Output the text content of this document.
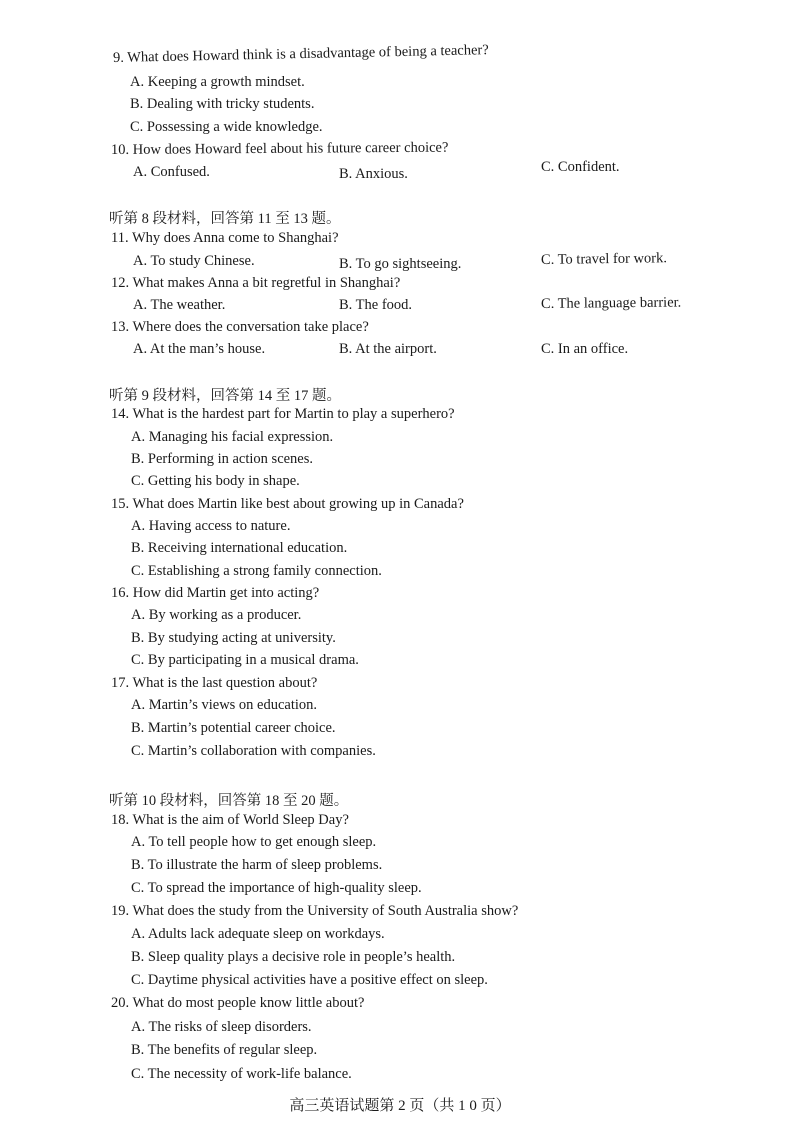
9. What does Howard think is a disadvantage of being a teacher?
A. Keeping a growth mindset.
B. Dealing with tricky students.
C. Possessing a wide knowledge.
10. How does Howard feel about his future career choice?
A. Confused.	B. Anxious.	C. Confident.
听第 8 段材料，回答第 11 至 13 题。
11. Why does Anna come to Shanghai?
A. To study Chinese.	B. To go sightseeing.	C. To travel for work.
12. What makes Anna a bit regretful in Shanghai?
A. The weather.	B. The food.	C. The language barrier.
13. Where does the conversation take place?
A. At the man’s house.	B. At the airport.	C. In an office.
听第 9 段材料，回答第 14 至 17 题。
14. What is the hardest part for Martin to play a superhero?
A. Managing his facial expression.
B. Performing in action scenes.
C. Getting his body in shape.
15. What does Martin like best about growing up in Canada?
A. Having access to nature.
B. Receiving international education.
C. Establishing a strong family connection.
16. How did Martin get into acting?
A. By working as a producer.
B. By studying acting at university.
C. By participating in a musical drama.
17. What is the last question about?
A. Martin’s views on education.
B. Martin’s potential career choice.
C. Martin’s collaboration with companies.
听第 10 段材料，回答第 18 至 20 题。
18. What is the aim of World Sleep Day?
A. To tell people how to get enough sleep.
B. To illustrate the harm of sleep problems.
C. To spread the importance of high-quality sleep.
19. What does the study from the University of South Australia show?
A. Adults lack adequate sleep on workdays.
B. Sleep quality plays a decisive role in people’s health.
C. Daytime physical activities have a positive effect on sleep.
20. What do most people know little about?
A. The risks of sleep disorders.
B. The benefits of regular sleep.
C. The necessity of work-life balance.
高三英语试题第 2 页（共 1 0 页）
